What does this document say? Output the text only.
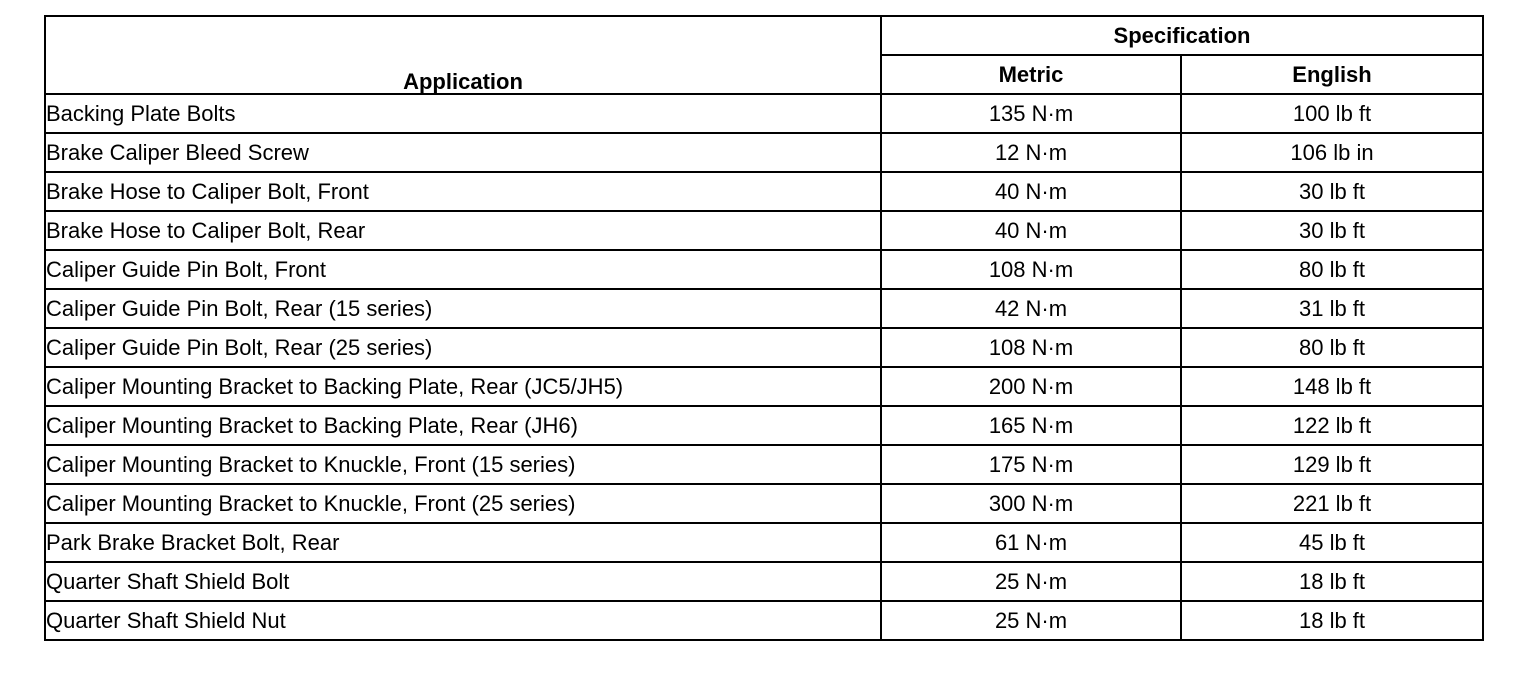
Application	Specification	
	Metric	English
Backing Plate Bolts	135 N·m	100 lb ft
Brake Caliper Bleed Screw	12 N·m	106 lb in
Brake Hose to Caliper Bolt, Front	40 N·m	30 lb ft
Brake Hose to Caliper Bolt, Rear	40 N·m	30 lb ft
Caliper Guide Pin Bolt, Front	108 N·m	80 lb ft
Caliper Guide Pin Bolt, Rear (15 series)	42 N·m	31 lb ft
Caliper Guide Pin Bolt, Rear (25 series)	108 N·m	80 lb ft
Caliper Mounting Bracket to Backing Plate, Rear (JC5/JH5)	200 N·m	148 lb ft
Caliper Mounting Bracket to Backing Plate, Rear (JH6)	165 N·m	122 lb ft
Caliper Mounting Bracket to Knuckle, Front (15 series)	175 N·m	129 lb ft
Caliper Mounting Bracket to Knuckle, Front (25 series)	300 N·m	221 lb ft
Park Brake Bracket Bolt, Rear	61 N·m	45 lb ft
Quarter Shaft Shield Bolt	25 N·m	18 lb ft
Quarter Shaft Shield Nut	25 N·m	18 lb ft
